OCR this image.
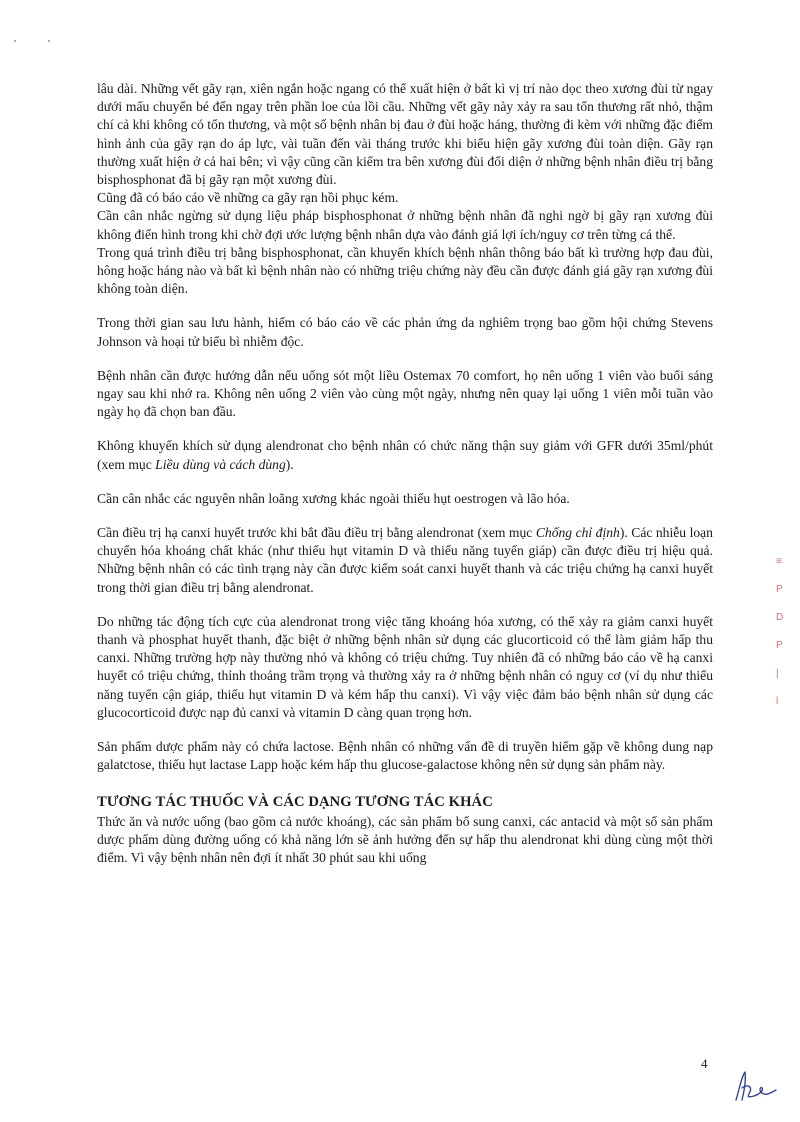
lâu dài. Những vết gãy rạn, xiên ngắn hoặc ngang có thể xuất hiện ở bất kì vị trí nào dọc theo xương đùi từ ngay dưới mấu chuyển bé đến ngay trên phần loe của lồi cầu. Những vết gãy này xảy ra sau tổn thương rất nhỏ, thậm chí cả khi không có tổn thương, và một số bệnh nhân bị đau ở đùi hoặc háng, thường đi kèm với những đặc điểm hình ảnh của gãy rạn do áp lực, vài tuần đến vài tháng trước khi biểu hiện gãy xương đùi toàn diện. Gãy rạn thường xuất hiện ở cả hai bên; vì vậy cũng cần kiểm tra bên xương đùi đối diện ở những bệnh nhân điều trị bằng bisphosphonat đã bị gãy rạn một xương đùi.

Cũng đã có báo cáo về những ca gãy rạn hồi phục kém.

Cần cân nhắc ngừng sử dụng liệu pháp bisphosphonat ở những bệnh nhân đã nghi ngờ bị gãy rạn xương đùi không điển hình trong khi chờ đợi ước lượng bệnh nhân dựa vào đánh giá lợi ích/nguy cơ trên từng cá thể.

Trong quá trình điều trị bằng bisphosphonat, cần khuyến khích bệnh nhân thông báo bất kì trường hợp đau đùi, hông hoặc háng nào và bất kì bệnh nhân nào có những triệu chứng này đều cần được đánh giá gãy rạn xương đùi không toàn diện.

Trong thời gian sau lưu hành, hiếm có báo cáo về các phản ứng da nghiêm trọng bao gồm hội chứng Stevens Johnson và hoại tử biểu bì nhiễm độc.

Bệnh nhân cần được hướng dẫn nếu uống sót một liều Ostemax 70 comfort, họ nên uống 1 viên vào buổi sáng ngay sau khi nhớ ra. Không nên uống 2 viên vào cùng một ngày, nhưng nên quay lại uống 1 viên mỗi tuần vào ngày họ đã chọn ban đầu.

Không khuyến khích sử dụng alendronat cho bệnh nhân có chức năng thận suy giảm với GFR dưới 35ml/phút (xem mục Liều dùng và cách dùng).

Cần cân nhắc các nguyên nhân loãng xương khác ngoài thiếu hụt oestrogen và lão hóa.

Cần điều trị hạ canxi huyết trước khi bắt đầu điều trị bằng alendronat (xem mục Chống chỉ định). Các nhiễu loạn chuyển hóa khoáng chất khác (như thiếu hụt vitamin D và thiểu năng tuyến giáp) cần được điều trị hiệu quả. Những bệnh nhân có các tình trạng này cần được kiểm soát canxi huyết thanh và các triệu chứng hạ canxi huyết trong thời gian điều trị bằng alendronat.

Do những tác động tích cực của alendronat trong việc tăng khoáng hóa xương, có thể xảy ra giảm canxi huyết thanh và phosphat huyết thanh, đặc biệt ở những bệnh nhân sử dụng các glucorticoid có thể làm giảm hấp thu canxi. Những trường hợp này thường nhỏ và không có triệu chứng. Tuy nhiên đã có những báo cáo về hạ canxi huyết có triệu chứng, thỉnh thoảng trầm trọng và thường xảy ra ở những bệnh nhân có nguy cơ (ví dụ như thiểu năng tuyến cận giáp, thiếu hụt vitamin D và kém hấp thu canxi). Vì vậy việc đảm bảo bệnh nhân sử dụng các glucocorticoid được nạp đủ canxi và vitamin D càng quan trọng hơn.

Sản phẩm dược phẩm này có chứa lactose. Bệnh nhân có những vấn đề di truyền hiếm gặp về không dung nạp galatctose, thiếu hụt lactase Lapp hoặc kém hấp thu glucose-galactose không nên sử dụng sản phẩm này.

TƯƠNG TÁC THUỐC VÀ CÁC DẠNG TƯƠNG TÁC KHÁC

Thức ăn và nước uống (bao gồm cả nước khoáng), các sản phẩm bổ sung canxi, các antacid và một số sản phẩm dược phẩm dùng đường uống có khả năng lớn sẽ ảnh hưởng đến sự hấp thu alendronat khi dùng cùng một thời điểm. Vì vậy bệnh nhân nên đợi ít nhất 30 phút sau khi uống

≡
P
D
P
|
l
4
